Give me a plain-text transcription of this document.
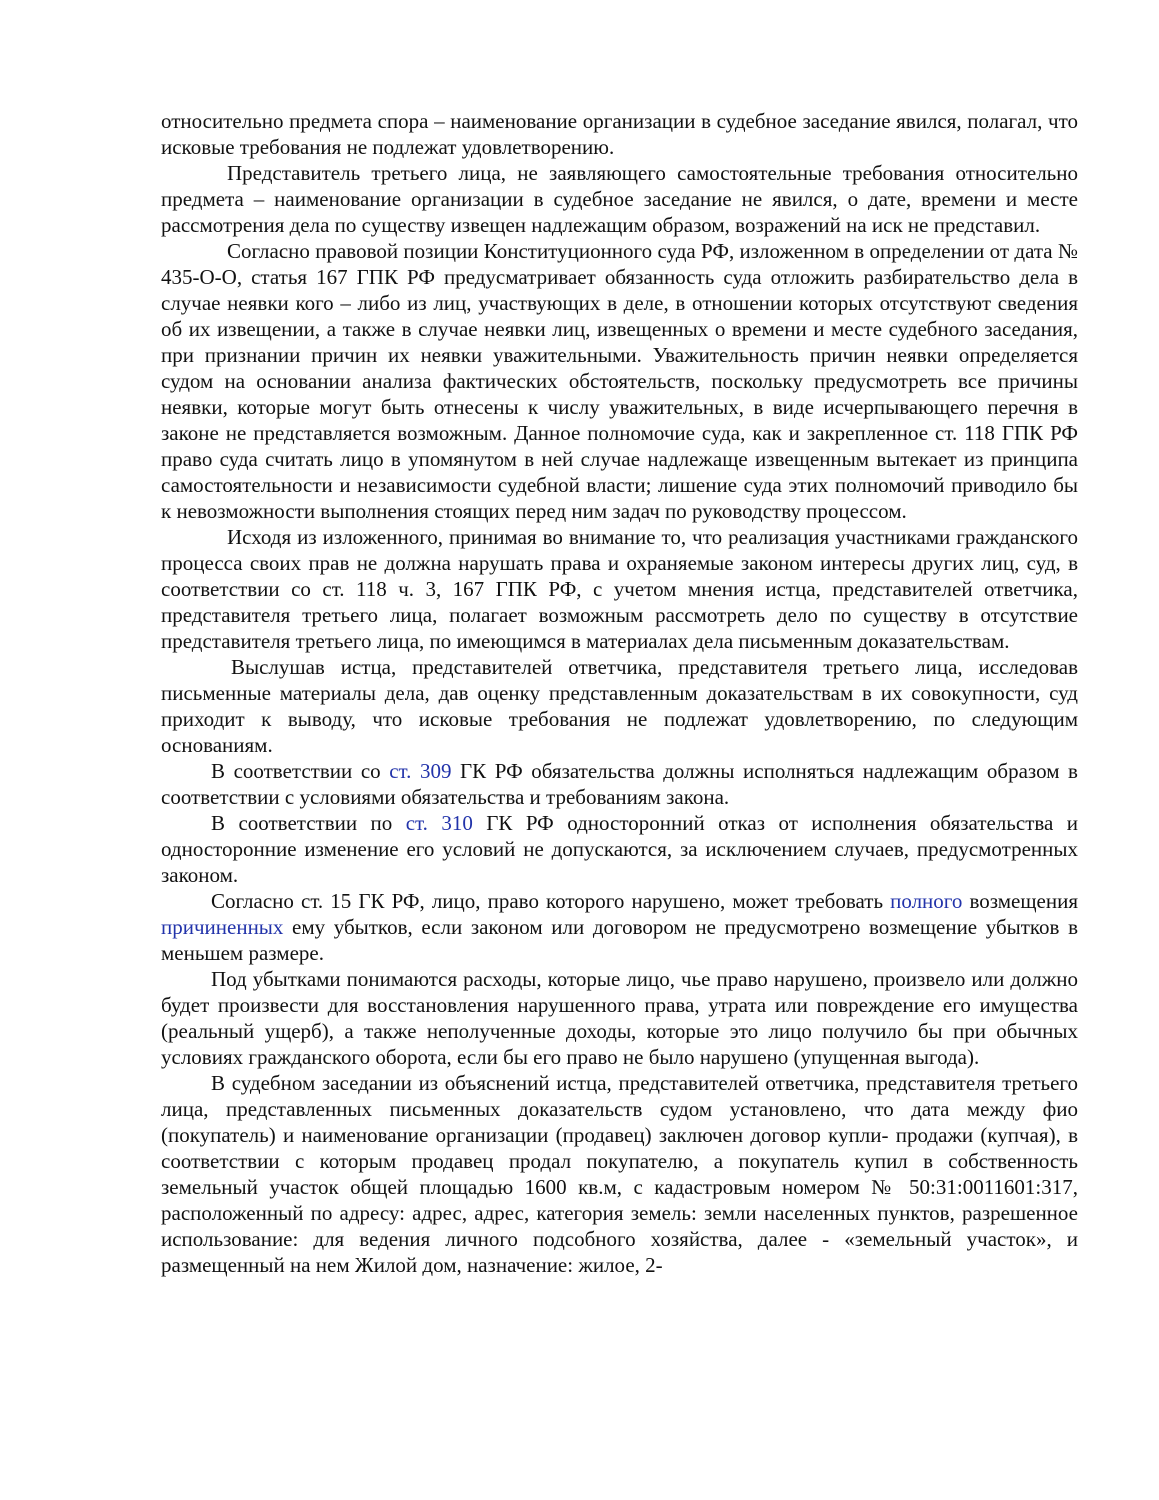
относительно предмета спора – наименование организации в судебное заседание явился, полагал, что исковые требования не подлежат удовлетворению.

Представитель третьего лица, не заявляющего самостоятельные требования относительно предмета – наименование организации в судебное заседание не явился, о дате, времени и месте рассмотрения дела по существу извещен надлежащим образом, возражений на иск не представил.

Согласно правовой позиции Конституционного суда РФ, изложенном в определении от дата № 435-О-О, статья 167 ГПК РФ предусматривает обязанность суда отложить разбирательство дела в случае неявки кого – либо из лиц, участвующих в деле, в отношении которых отсутствуют сведения об их извещении, а также в случае неявки лиц, извещенных о времени и месте судебного заседания, при признании причин их неявки уважительными. Уважительность причин неявки определяется судом на основании анализа фактических обстоятельств, поскольку предусмотреть все причины неявки, которые могут быть отнесены к числу уважительных, в виде исчерпывающего перечня в законе не представляется возможным. Данное полномочие суда, как и закрепленное ст. 118 ГПК РФ право суда считать лицо в упомянутом в ней случае надлежаще извещенным вытекает из принципа самостоятельности и независимости судебной власти; лишение суда этих полномочий приводило бы к невозможности выполнения стоящих перед ним задач по руководству процессом.

Исходя из изложенного, принимая во внимание то, что реализация участниками гражданского процесса своих прав не должна нарушать права и охраняемые законом интересы других лиц, суд, в соответствии со ст. 118 ч. 3, 167 ГПК РФ, с учетом мнения истца, представителей ответчика, представителя третьего лица, полагает возможным рассмотреть дело по существу в отсутствие представителя третьего лица, по имеющимся в материалах дела письменным доказательствам.

Выслушав истца, представителей ответчика, представителя третьего лица, исследовав письменные материалы дела, дав оценку представленным доказательствам в их совокупности, суд приходит к выводу, что исковые требования не подлежат удовлетворению, по следующим основаниям.

В соответствии со ст. 309 ГК РФ обязательства должны исполняться надлежащим образом в соответствии с условиями обязательства и требованиям закона.

В соответствии по ст. 310 ГК РФ односторонний отказ от исполнения обязательства и односторонние изменение его условий не допускаются, за исключением случаев, предусмотренных законом.

Согласно ст. 15 ГК РФ, лицо, право которого нарушено, может требовать полного возмещения причиненных ему убытков, если законом или договором не предусмотрено возмещение убытков в меньшем размере.

Под убытками понимаются расходы, которые лицо, чье право нарушено, произвело или должно будет произвести для восстановления нарушенного права, утрата или повреждение его имущества (реальный ущерб), а также неполученные доходы, которые это лицо получило бы при обычных условиях гражданского оборота, если бы его право не было нарушено (упущенная выгода).

В судебном заседании из объяснений истца, представителей ответчика, представителя третьего лица, представленных письменных доказательств судом установлено, что дата между фио (покупатель) и наименование организации (продавец) заключен договор купли- продажи (купчая), в соответствии с которым продавец продал покупателю, а покупатель купил в собственность земельный участок общей площадью 1600 кв.м, с кадастровым номером № 50:31:0011601:317, расположенный по адресу: адрес, адрес, категория земель: земли населенных пунктов, разрешенное использование: для ведения личного подсобного хозяйства, далее - «земельный участок», и размещенный на нем Жилой дом, назначение: жилое, 2-
